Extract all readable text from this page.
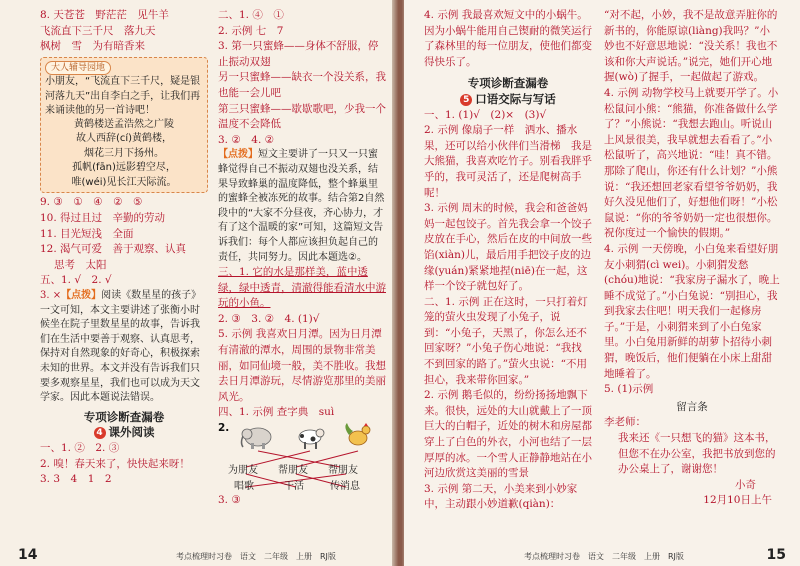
8. 天苍苍　野茫茫　见牛羊

飞流直下三千尺　落九天

枫树　雪　为有暗香来

大人辅导园地

小朋友，“飞流直下三千尺，疑是银河落九天”出自李白之手，让我们再来诵读他的另一首诗吧！

黄鹤楼送孟浩然之广陵

故人西辞(cí)黄鹤楼，

烟花三月下扬州。

孤帆(fān)远影碧空尽，

唯(wéi)见长江天际流。

9. ③　①　④　②　⑤

10. 得过且过　辛勤的劳动

11. 目光短浅　全面

12. 渴气可爱　善于观察、认真

思考　太阳

五、1. √　2. √

3. ×【点拨】阅读《数星星的孩子》一文可知，本文主要讲述了张衡小时候坐在院子里数星星的故事，告诉我们在生活中要善于观察、认真思考，保持对自然现象的好奇心，积极探索未知的世界。本文并没有告诉我们只要多观察星星，我们也可以成为天文学家。因此本题说法错误。

专项诊断查漏卷

4 课外阅读

一、1. ②　2. ③

2. 嗅！春天来了，快快起来呀！

3. 3　4　1　2

二、1. ④　①

2. 示例 七　7

3. 第一只蜜蜂——身体不舒服，停止振动双翅

另一只蜜蜂——缺衣一个没关系，我也能一会儿吧

第三只蜜蜂——歇歇歌吧，少我一个温度不会降低

3. ②　4. ②

【点拨】短文主要讲了一只又一只蜜蜂觉得自己不振动双翅也没关系，结果导致蜂巢的温度降低，整个蜂巢里的蜜蜂全被冻死的故事。结合第2自然段中的“大家不分昼夜，齐心协力，才有了这个温暖的家”可知，这篇短文告诉我们：每个人都应该担负起自己的责任，共同努力。因此本题选②。

三、1. 它的水是那样美，蓝中透绿，绿中透青，清澈得能看清水中游玩的小鱼。

2. ③　3. ②　4. (1)√

5. 示例 我喜欢日月潭。因为日月潭有清澈的潭水，周围的景物非常美丽，如同仙境一般，美不胜收。我想去日月潭游玩，尽情游览那里的美丽风光。

四、1. 示例 查字典　suì

2.
为朋友 帮朋友 帮朋友
唱歌	干活	传消息

3. ③

14	考点梳理时习卷　语文　二年级　上册　RJ版

4. 示例 我最喜欢短文中的小蜗牛。因为小蜗牛能用自己锲耐的微笑运行了森林里的每一位朋友，使他们都变得快乐了。

专项诊断查漏卷

5 口语交际与写话

一、1. (1)√　(2)×　(3)√

2. 示例 像扇子一样　洒水、播水果，还可以给小伙伴们当滑梯　我是大熊猫，我喜欢吃竹子。别看我胖乎乎的，我可灵活了，还是爬树高手呢！

3. 示例 周末的时候，我会和爸爸妈妈一起包饺子。首先我会拿一个饺子皮放在手心，然后在皮的中间放一些馅(xiàn)儿，最后用手把饺子皮的边缘(yuán)紧紧地捏(niē)在一起，这样一个饺子就包好了。

二、1. 示例 正在这时，一只打着灯笼的萤火虫发现了小兔子，说到：“小兔子，天黑了，你怎么还不回家呀？”小兔子伤心地说：“我找不到回家的路了。”萤火虫说：“不用担心，我来带你回家。”

2. 示例 鹅毛似的，纷纷扬扬地飘下来。很快，远处的大山就戴上了一顶巨大的白帽子，近处的树木和房屋都穿上了白色的外衣，小河也结了一层厚厚的冰。一个雪人正静静地站在小河边欣赏这美丽的雪景

3. 示例 第二天，小美来到小妙家中，主动跟小妙道歉(qiàn)：

“对不起，小妙，我不是故意弄脏你的新书的，你能原谅(liàng)我吗？”小妙也不好意思地说：“没关系！我也不该和你大声说话。”说完，她们开心地握(wò)了握手，一起做起了游戏。

4. 示例 动物学校马上就要开学了。小松鼠问小熊：“熊猫，你准备做什么学了？”小熊说：“我想去跑山。听说山上风景很美，我早就想去看看了。”小松鼠听了，高兴地说：“哇！真不错。那除了爬山，你还有什么计划？”小熊说：“我还想回老家看望爷爷奶奶，我好久没见他们了，好想他们呀！”小松鼠说：“你的爷爷奶奶一定也很想你。祝你度过一个愉快的假期。”

4. 示例 一天傍晚，小白兔来看望好朋友小刺猬(cì wei)。小刺猬发愁(chóu)地说：“我家房子漏水了，晚上睡不成觉了。”小白兔说：“别担心，我到我家去住吧！明天我们一起修房子。”于是，小刺猬来到了小白兔家里。小白兔用新鲜的胡萝卜招待小刺猬，晚饭后，他们便躺在小床上甜甜地睡着了。

5. (1)示例

留言条

李老师：

我来还《一只想飞的猫》这本书，但您不在办公室，我把书放到您的办公桌上了，谢谢您！

小奇

12月10日上午

考点梳理时习卷　语文　二年级　上册　RJ版	15
